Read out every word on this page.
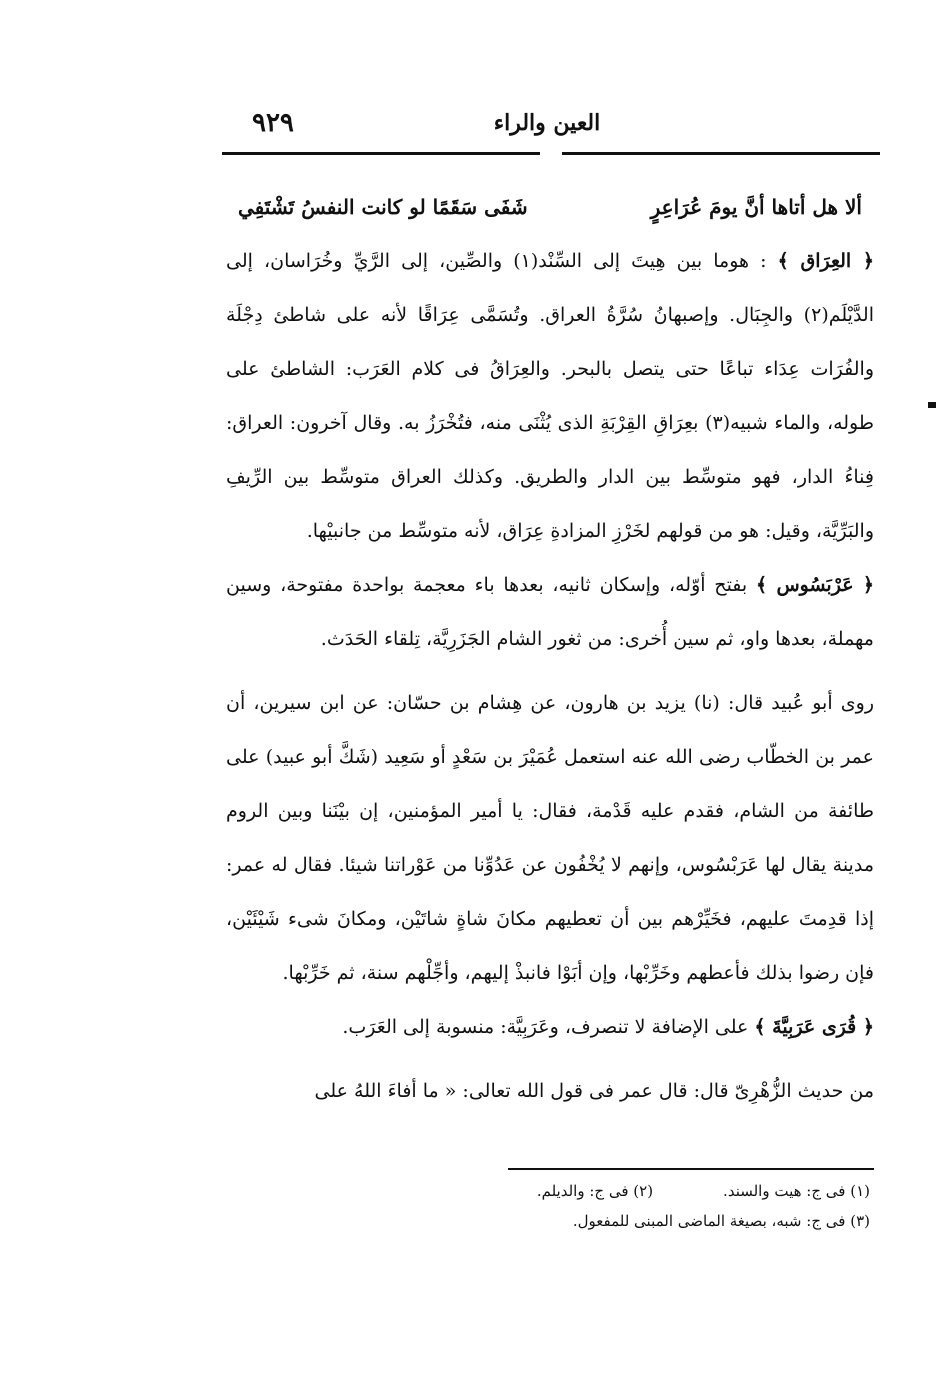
٩٢٩	العين والراء
ألا هل أتاها أنَّ يومَ عُرَاعِرٍ
شَفَى سَقَمًا لو كانت النفسُ تَشْتَفِي

﴿ العِرَاق ﴾ : هوما بين هِيتَ إلى السِّنْد(١) والصِّين، إلى الرَّيِّ وخُرَاسان، إلى الدَّيْلَم(٢) والجِبَال. وإصبهانُ سُرَّةُ العراق. وتُسَمَّى عِرَاقًا لأنه على شاطئ دِجْلَة والفُرَات عِدَاء تباعًا حتى يتصل بالبحر. والعِرَاقُ فى كلام العَرَب: الشاطئ على طوله، والماء شبيه(٣) بعِرَاقِ القِرْبَةِ الذى يُثْنَى منه، فتُخْرَزُ به. وقال آخرون: العراق: فِناءُ الدار، فهو متوسِّط بين الدار والطريق. وكذلك العراق متوسِّط بين الرِّيفِ والبَرِّيَّة، وقيل: هو من قولهم لخَرْزِ المزادةِ عِرَاق، لأنه متوسِّط من جانبيْها.

﴿ عَرْبَسُوس ﴾ بفتح أوّله، وإسكان ثانيه، بعدها باء معجمة بواحدة مفتوحة، وسين مهملة، بعدها واو، ثم سين أُخرى: من ثغور الشام الجَزَرِيَّة، تِلقاء الحَدَث.

روى أبو عُبيد قال: (نا) يزيد بن هارون، عن هِشام بن حسّان: عن ابن سيرين، أن عمر بن الخطّاب رضى الله عنه استعمل عُمَيْرَ بن سَعْدٍ أو سَعِيد (شَكَّ أبو عبيد) على طائفة من الشام، فقدم عليه قَدْمة، فقال: يا أمير المؤمنين، إن بيْنَنا وبين الروم مدينة يقال لها عَرَبْسُوس، وإنهم لا يُخْفُون عن عَدُوِّنا من عَوْراتنا شيئا. فقال له عمر: إذا قدِمتَ عليهم، فخَيِّرْهم بين أن تعطيهم مكانَ شاةٍ شاتَيْن، ومكانَ شىء شَيْئَيْن، فإن رضوا بذلك فأعطهم وخَرِّبْها، وإن أبَوْا فانبذْ إليهم، وأجِّلْهم سنة، ثم خَرِّبْها.

﴿ قُرَى عَرَبِيَّةَ ﴾ على الإضافة لا تنصرف، وعَرَبِيَّة: منسوبة إلى العَرَب.

من حديث الزُّهْرِىّ قال: قال عمر فى قول الله تعالى: « ما أفاءَ اللهُ على

(١) فى ج: هيت والسند.
(٢) فى ج: والديلم.
(٣) فى ج: شبه، بصيغة الماضى المبنى للمفعول.
